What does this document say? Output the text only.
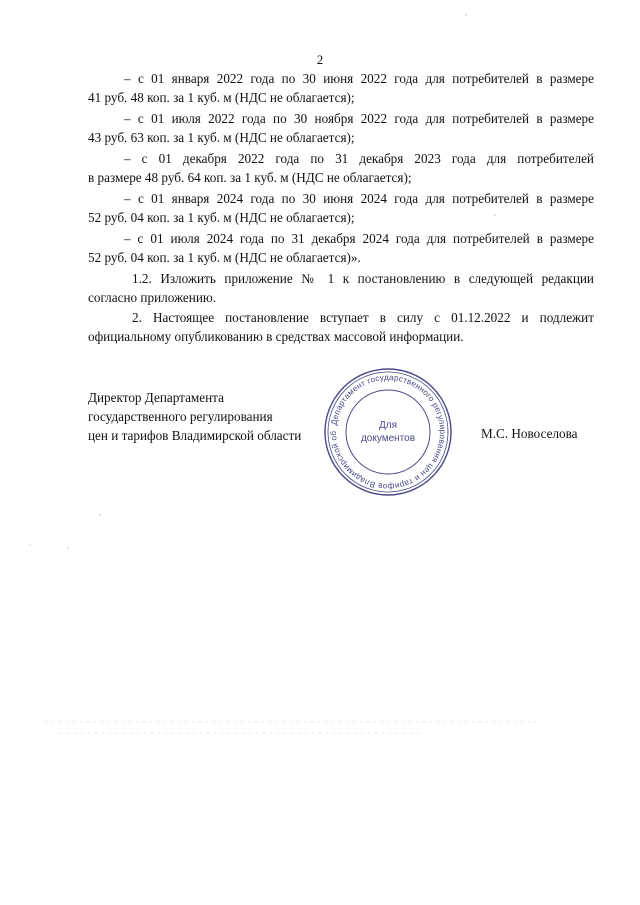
2
– с 01 января 2022 года по 30 июня 2022 года для потребителей в размере
41 руб. 48 коп. за 1 куб. м (НДС не облагается);
– с 01 июля 2022 года по 30 ноября 2022 года для потребителей в размере
43 руб. 63 коп. за 1 куб. м (НДС не облагается);
– с 01 декабря 2022 года по 31 декабря 2023 года для потребителей
в размере 48 руб. 64 коп. за 1 куб. м (НДС не облагается);
– с 01 января 2024 года по 30 июня 2024 года для потребителей в размере
52 руб. 04 коп. за 1 куб. м (НДС не облагается);
– с 01 июля 2024 года по 31 декабря 2024 года для потребителей в размере
52 руб. 04 коп. за 1 куб. м (НДС не облагается)».
1.2. Изложить приложение № 1 к постановлению в следующей редакции
согласно приложению.
2. Настоящее постановление вступает в силу с 01.12.2022 и подлежит
официальному опубликованию в средствах массовой информации.
Директор Департамента
государственного регулирования
цен и тарифов Владимирской области
Департамент государственного регулирования цен и тарифов Владимирской об
Для
документов	М.С. Новоселова
